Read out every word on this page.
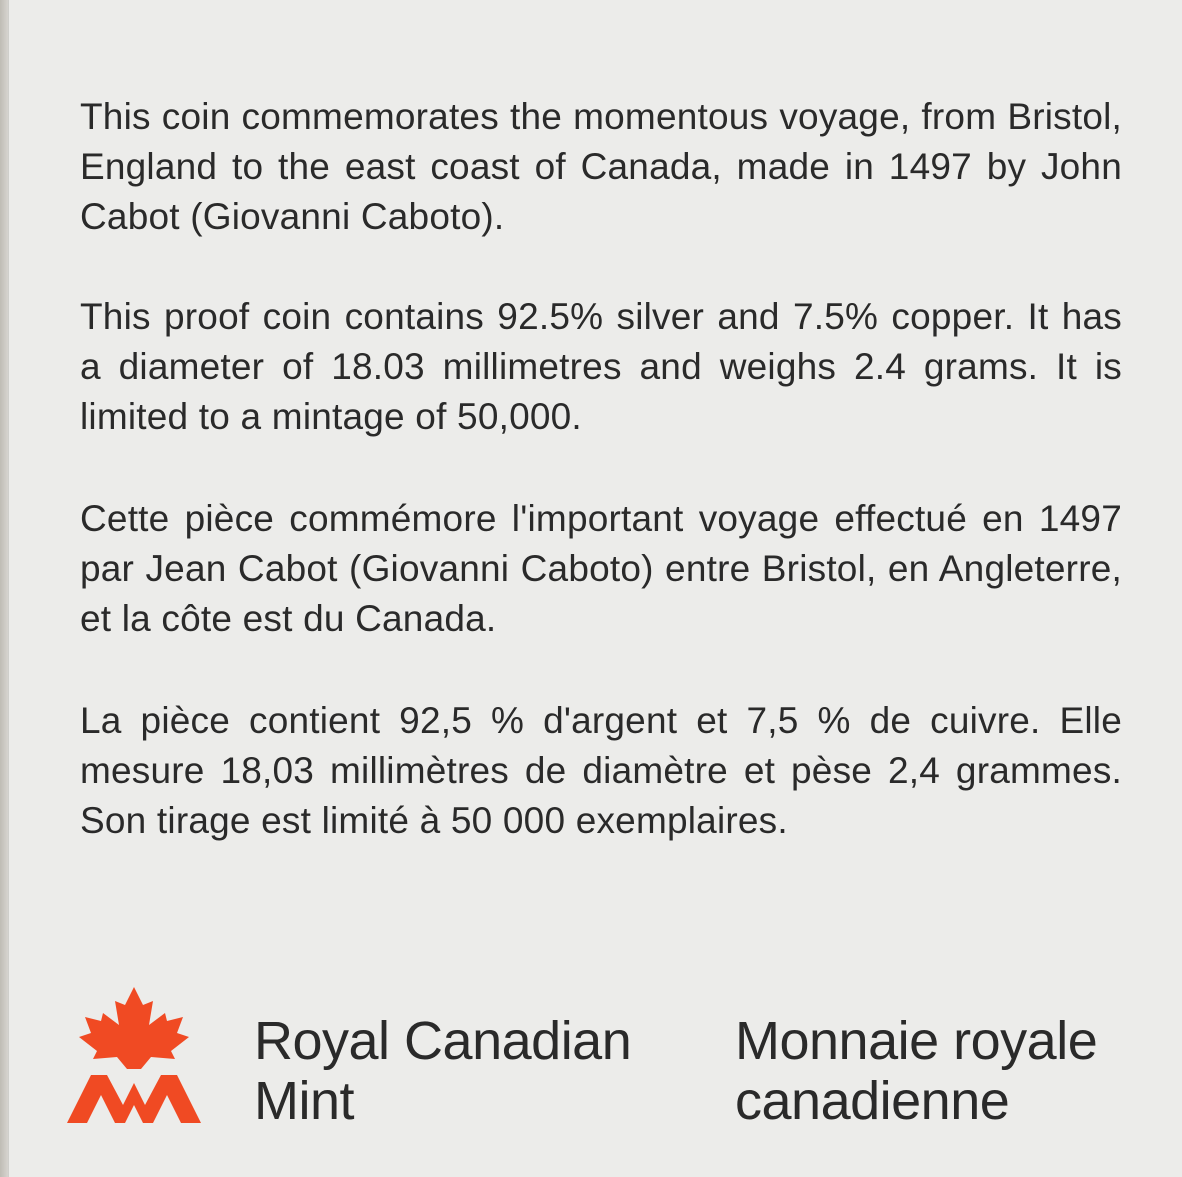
This coin commemorates the momentous voyage, from Bristol, England to the east coast of Canada, made in 1497 by John Cabot (Giovanni Caboto).

This proof coin contains 92.5% silver and 7.5% copper. It has a diameter of 18.03 millimetres and weighs 2.4 grams. It is limited to a mintage of 50,000.

Cette pièce commémore l'important voyage effectué en 1497 par Jean Cabot (Giovanni Caboto) entre Bristol, en Angleterre, et la côte est du Canada.

La pièce contient 92,5 % d'argent et 7,5 % de cuivre. Elle mesure 18,03 millimètres de diamètre et pèse 2,4 grammes. Son tirage est limité à 50 000 exemplaires.

Royal Canadian
Mint
Monnaie royale
canadienne
